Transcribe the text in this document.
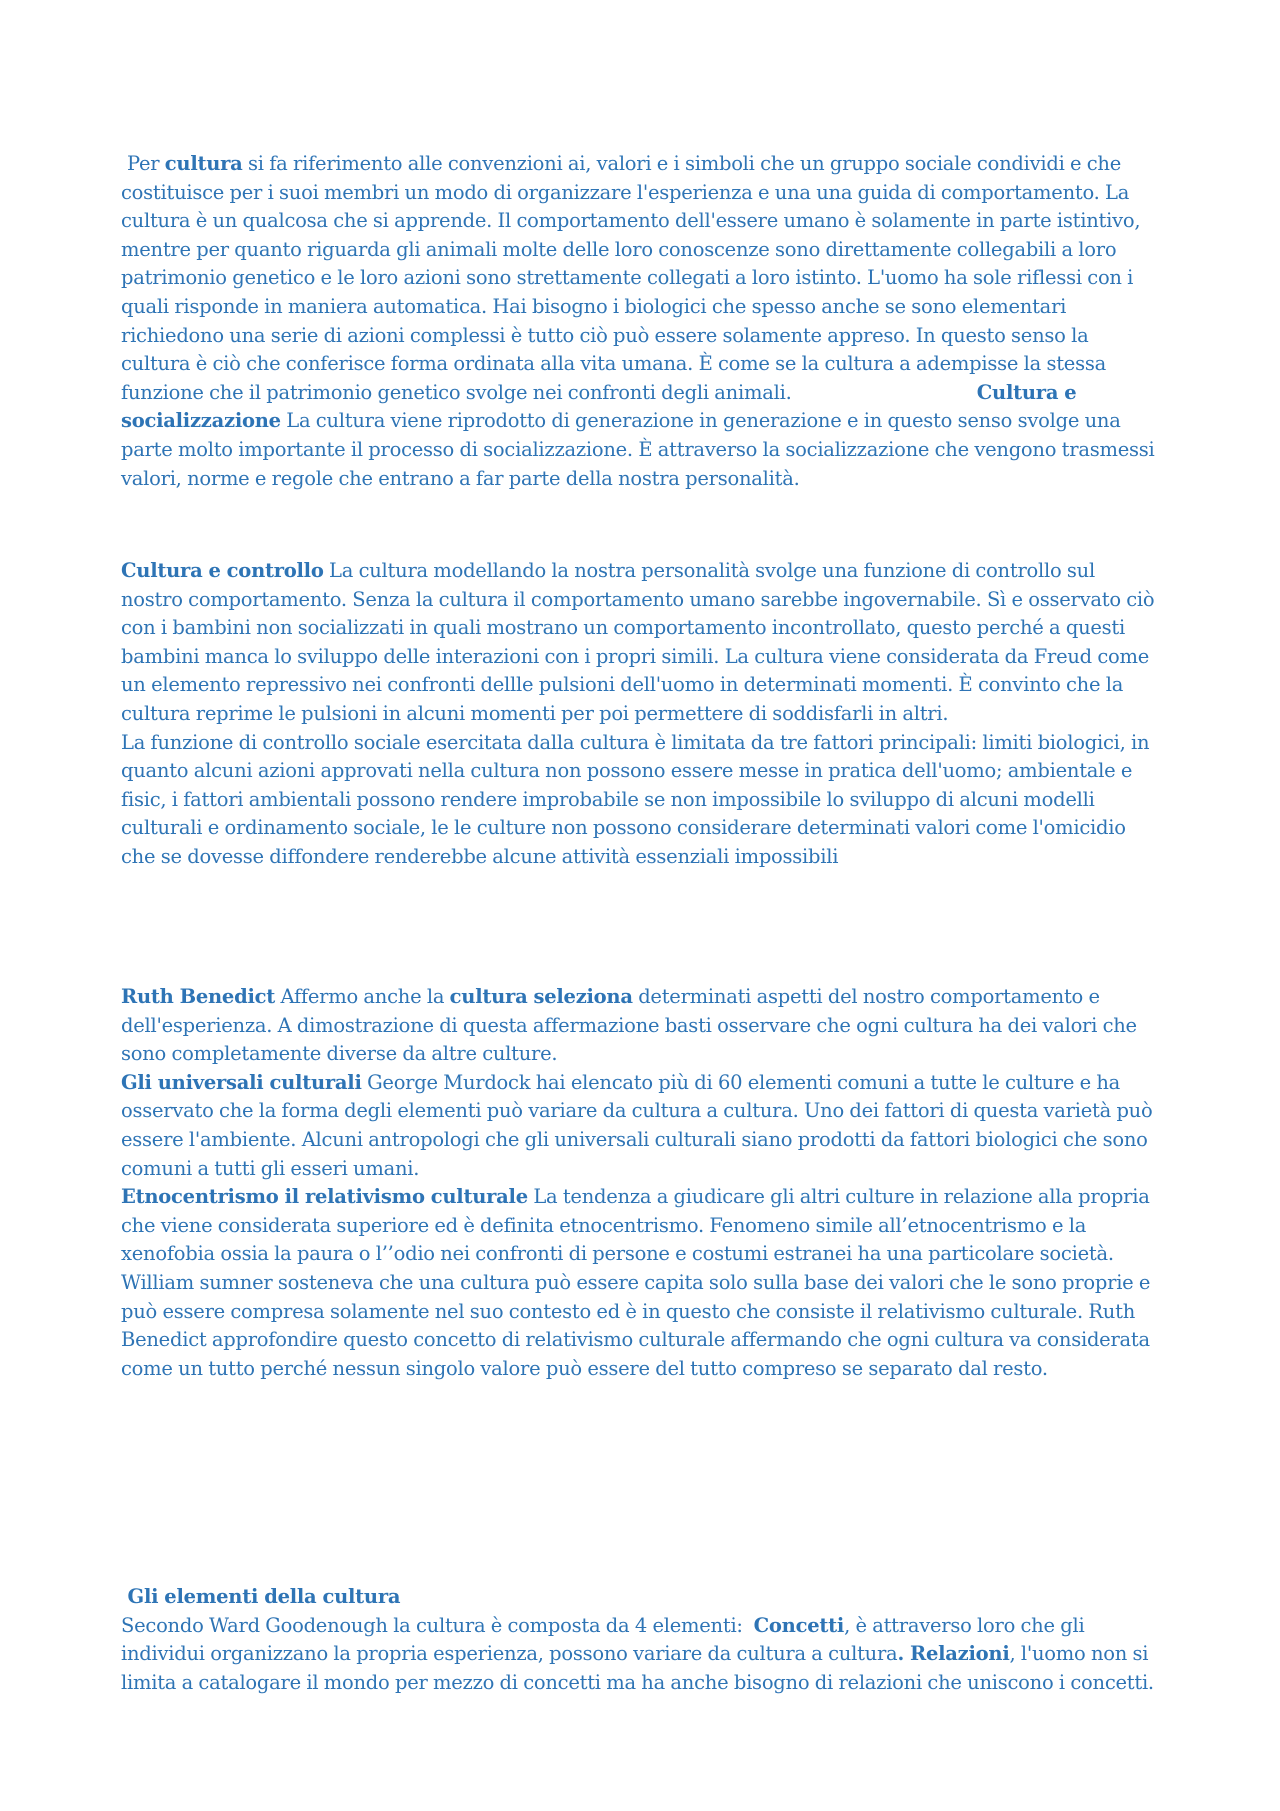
Per cultura si fa riferimento alle convenzioni ai, valori e i simboli che un gruppo sociale condividi e che costituisce per i suoi membri un modo di organizzare l'esperienza e una una guida di comportamento. La cultura è un qualcosa che si apprende. Il comportamento dell'essere umano è solamente in parte istintivo, mentre per quanto riguarda gli animali molte delle loro conoscenze sono direttamente collegabili a loro patrimonio genetico e le loro azioni sono strettamente collegati a loro istinto. L'uomo ha sole riflessi con i quali risponde in maniera automatica. Hai bisogno i biologici che spesso anche se sono elementari richiedono una serie di azioni complessi è tutto ciò può essere solamente appreso. In questo senso la cultura è ciò che conferisce forma ordinata alla vita umana. È come se la cultura a adempisse la stessa funzione che il patrimonio genetico svolge nei confronti degli animali.	Cultura e socializzazione La cultura viene riprodotto di generazione in generazione e in questo senso svolge una parte molto importante il processo di socializzazione. È attraverso la socializzazione che vengono trasmessi valori, norme e regole che entrano a far parte della nostra personalità.

Cultura e controllo La cultura modellando la nostra personalità svolge una funzione di controllo sul nostro comportamento. Senza la cultura il comportamento umano sarebbe ingovernabile. Sì e osservato ciò con i bambini non socializzati in quali mostrano un comportamento incontrollato, questo perché a questi bambini manca lo sviluppo delle interazioni con i propri simili. La cultura viene considerata da Freud come un elemento repressivo nei confronti dellle pulsioni dell'uomo in determinati momenti. È convinto che la cultura reprime le pulsioni in alcuni momenti per poi permettere di soddisfarli in altri.

La funzione di controllo sociale esercitata dalla cultura è limitata da tre fattori principali: limiti biologici, in quanto alcuni azioni approvati nella cultura non possono essere messe in pratica dell'uomo; ambientale e fisic, i fattori ambientali possono rendere improbabile se non impossibile lo sviluppo di alcuni modelli culturali e ordinamento sociale, le le culture non possono considerare determinati valori come l'omicidio che se dovesse diffondere renderebbe alcune attività essenziali impossibili

Ruth Benedict Affermo anche la cultura seleziona determinati aspetti del nostro comportamento e dell'esperienza. A dimostrazione di questa affermazione basti osservare che ogni cultura ha dei valori che sono completamente diverse da altre culture.

Gli universali culturali George Murdock hai elencato più di 60 elementi comuni a tutte le culture e ha osservato che la forma degli elementi può variare da cultura a cultura. Uno dei fattori di questa varietà può essere l'ambiente. Alcuni antropologi che gli universali culturali siano prodotti da fattori biologici che sono comuni a tutti gli esseri umani.

Etnocentrismo il relativismo culturale La tendenza a giudicare gli altri culture in relazione alla propria che viene considerata superiore ed è definita etnocentrismo. Fenomeno simile all’etnocentrismo e la xenofobia ossia la paura o l’’odio nei confronti di persone e costumi estranei ha una particolare società.

William sumner sosteneva che una cultura può essere capita solo sulla base dei valori che le sono proprie e può essere compresa solamente nel suo contesto ed è in questo che consiste il relativismo culturale. Ruth Benedict approfondire questo concetto di relativismo culturale affermando che ogni cultura va considerata come un tutto perché nessun singolo valore può essere del tutto compreso se separato dal resto.

Gli elementi della cultura

Secondo Ward Goodenough la cultura è composta da 4 elementi:  Concetti, è attraverso loro che gli individui organizzano la propria esperienza, possono variare da cultura a cultura. Relazioni, l'uomo non si limita a catalogare il mondo per mezzo di concetti ma ha anche bisogno di relazioni che uniscono i concetti.
